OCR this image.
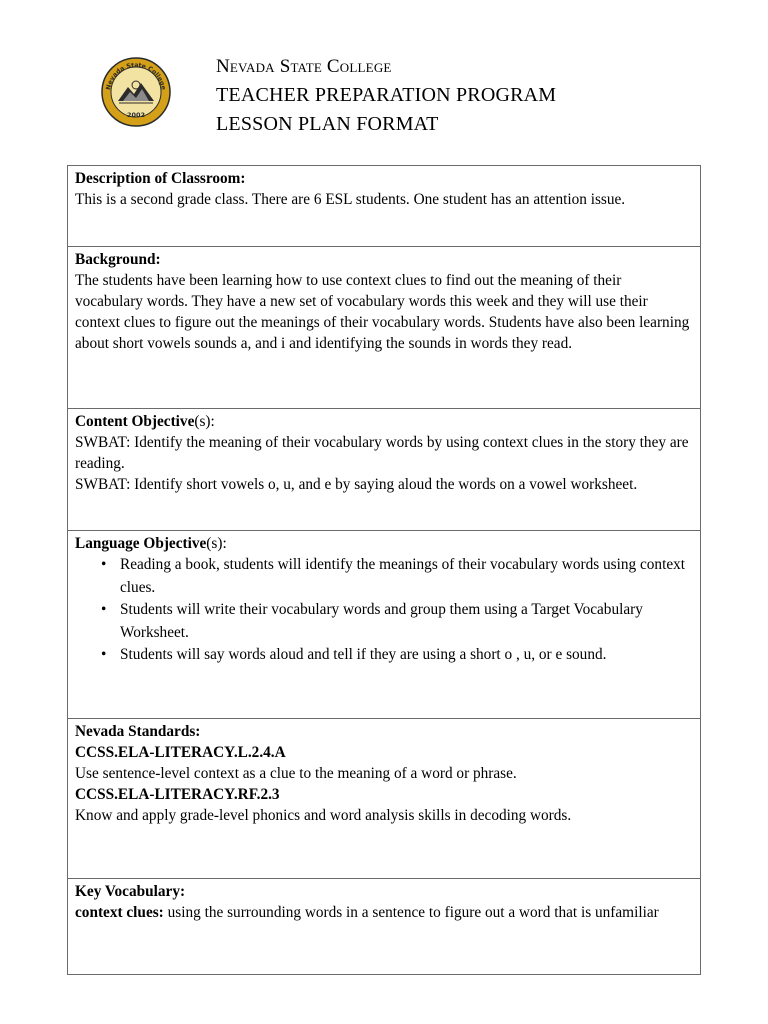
Nevada State College
2002
Nevada State College
TEACHER PREPARATION PROGRAM
LESSON PLAN FORMAT
Description of Classroom:
This is a second grade class. There are 6 ESL students. One student has an attention issue.
Background:
The students have been learning how to use context clues to find out the meaning of their vocabulary words. They have a new set of vocabulary words this week and they will use their context clues to figure out the meanings of their vocabulary words. Students have also been learning about short vowels sounds a, and i and identifying the sounds in words they read.
Content Objective(s):
SWBAT: Identify the meaning of their vocabulary words by using context clues in the story they are reading.
SWBAT: Identify short vowels o, u, and e by saying aloud the words on a vowel worksheet.
Language Objective(s):
• Reading a book, students will identify the meanings of their vocabulary words using context clues.
• Students will write their vocabulary words and group them using a Target Vocabulary Worksheet.
• Students will say words aloud and tell if they are using a short o , u, or e sound.
Nevada Standards:
CCSS.ELA-LITERACY.L.2.4.A
Use sentence-level context as a clue to the meaning of a word or phrase.
CCSS.ELA-LITERACY.RF.2.3
Know and apply grade-level phonics and word analysis skills in decoding words.
Key Vocabulary:
context clues: using the surrounding words in a sentence to figure out a word that is unfamiliar
